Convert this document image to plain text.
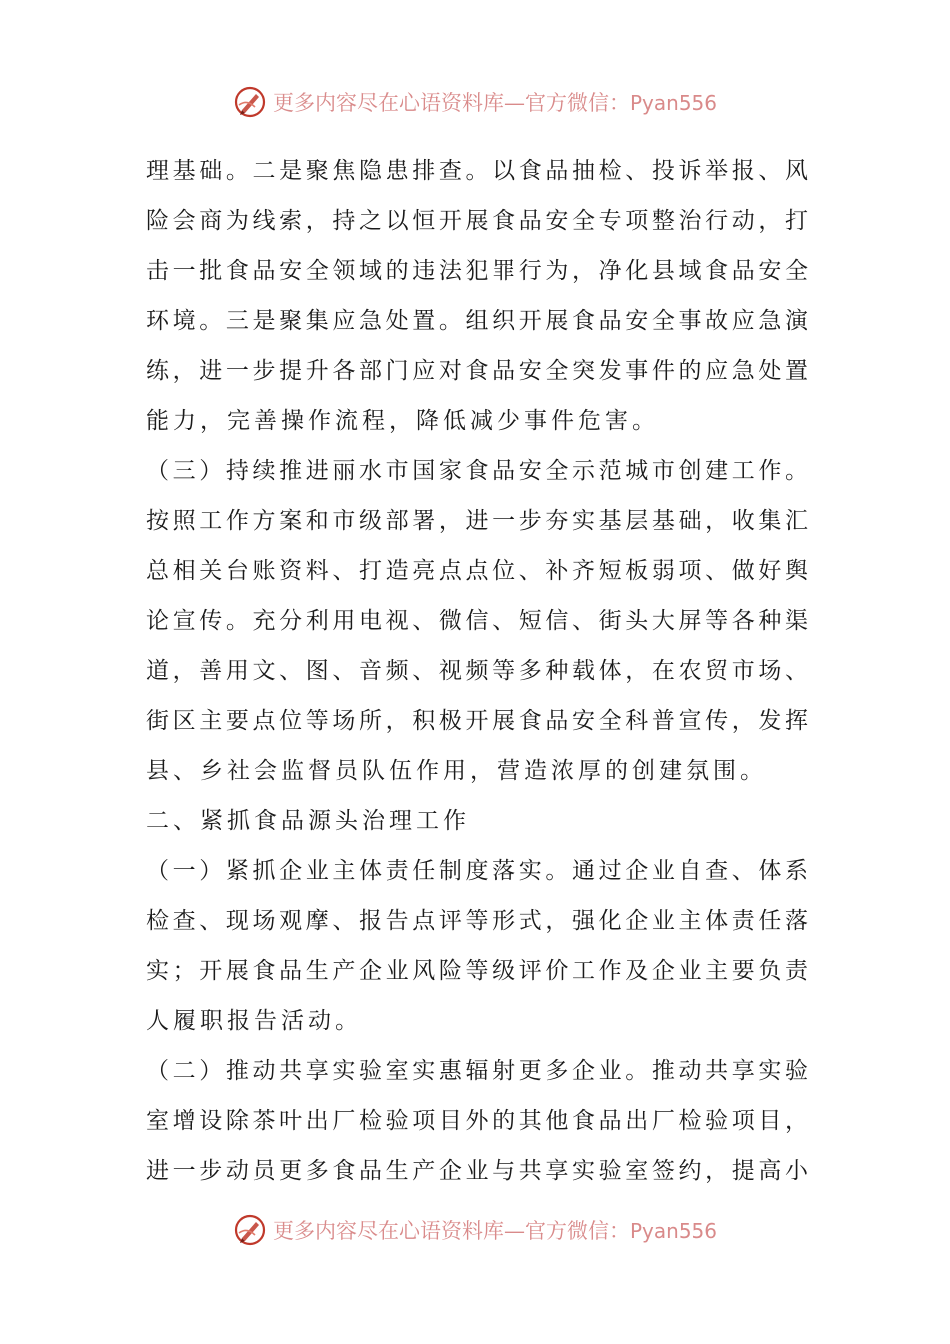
更多内容尽在心语资料库—官方微信：Pyan556
理基础。二是聚焦隐患排查。以食品抽检、投诉举报、风
险会商为线索，持之以恒开展食品安全专项整治行动，打
击一批食品安全领域的违法犯罪行为，净化县域食品安全
环境。三是聚集应急处置。组织开展食品安全事故应急演
练，进一步提升各部门应对食品安全突发事件的应急处置
能力，完善操作流程，降低减少事件危害。
（三）持续推进丽水市国家食品安全示范城市创建工作。
按照工作方案和市级部署，进一步夯实基层基础，收集汇
总相关台账资料、打造亮点点位、补齐短板弱项、做好舆
论宣传。充分利用电视、微信、短信、街头大屏等各种渠
道，善用文、图、音频、视频等多种载体，在农贸市场、
街区主要点位等场所，积极开展食品安全科普宣传，发挥
县、乡社会监督员队伍作用，营造浓厚的创建氛围。
二、紧抓食品源头治理工作
（一）紧抓企业主体责任制度落实。通过企业自查、体系
检查、现场观摩、报告点评等形式，强化企业主体责任落
实；开展食品生产企业风险等级评价工作及企业主要负责
人履职报告活动。
（二）推动共享实验室实惠辐射更多企业。推动共享实验
室增设除茶叶出厂检验项目外的其他食品出厂检验项目，
进一步动员更多食品生产企业与共享实验室签约，提高小
更多内容尽在心语资料库—官方微信：Pyan556
